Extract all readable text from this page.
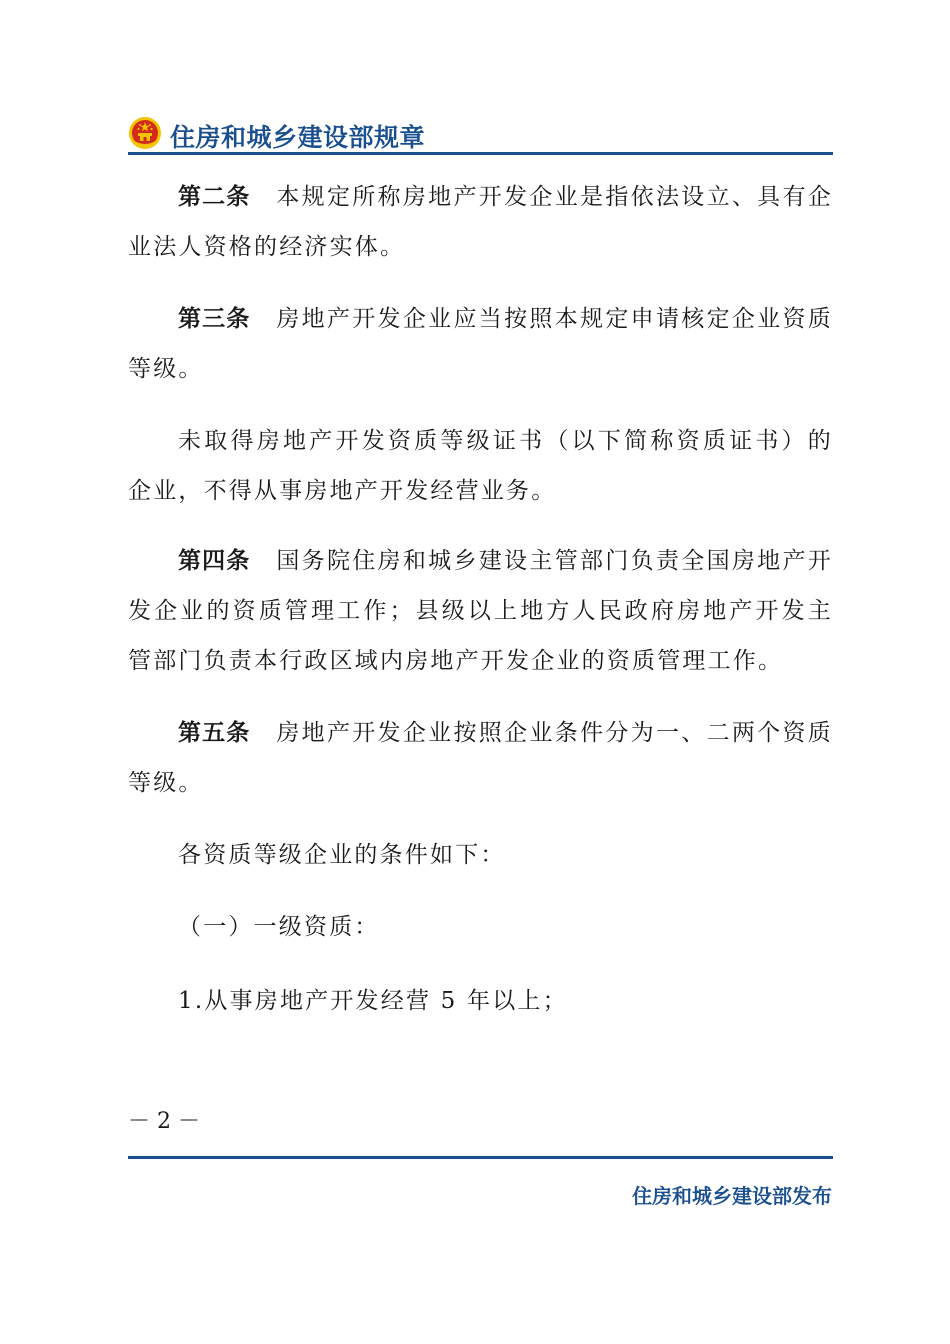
住房和城乡建设部规章

第二条 本规定所称房地产开发企业是指依法设立、具有企业法人资格的经济实体。

第三条 房地产开发企业应当按照本规定申请核定企业资质等级。

未取得房地产开发资质等级证书（以下简称资质证书）的企业，不得从事房地产开发经营业务。

第四条 国务院住房和城乡建设主管部门负责全国房地产开发企业的资质管理工作；县级以上地方人民政府房地产开发主管部门负责本行政区域内房地产开发企业的资质管理工作。

第五条 房地产开发企业按照企业条件分为一、二两个资质等级。

各资质等级企业的条件如下：

（一）一级资质：

1.从事房地产开发经营 5 年以上；

－ 2 －
住房和城乡建设部发布
